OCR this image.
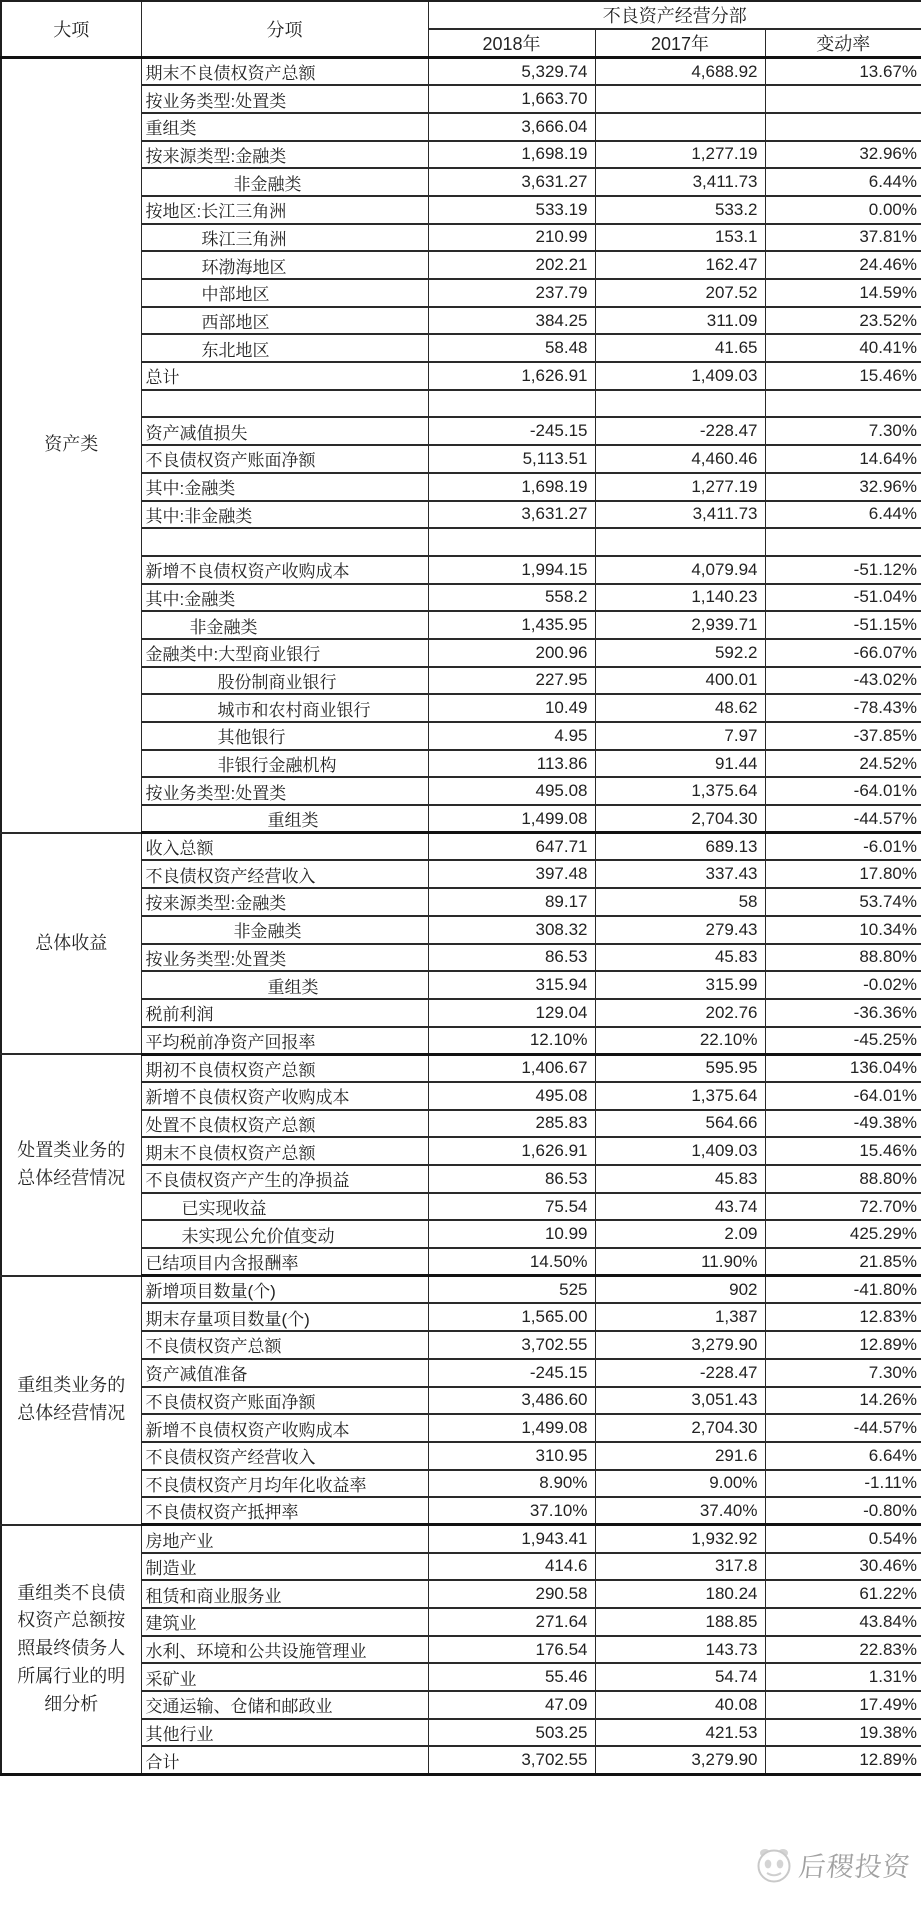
大项	分项	不良资产经营分部		
		2018年	2017年	变动率
资产类	期末不良债权资产总额	5,329.74	4,688.92	13.67%
	按业务类型:处置类	1,663.70		
	重组类	3,666.04		
	按来源类型:金融类	1,698.19	1,277.19	32.96%
	非金融类	3,631.27	3,411.73	6.44%
	按地区:长江三角洲	533.19	533.2	0.00%
	珠江三角洲	210.99	153.1	37.81%
	环渤海地区	202.21	162.47	24.46%
	中部地区	237.79	207.52	14.59%
	西部地区	384.25	311.09	23.52%
	东北地区	58.48	41.65	40.41%
	总计	1,626.91	1,409.03	15.46%

	资产减值损失	-245.15	-228.47	7.30%
	不良债权资产账面净额	5,113.51	4,460.46	14.64%
	其中:金融类	1,698.19	1,277.19	32.96%
	其中:非金融类	3,631.27	3,411.73	6.44%

	新增不良债权资产收购成本	1,994.15	4,079.94	-51.12%
	其中:金融类	558.2	1,140.23	-51.04%
	非金融类	1,435.95	2,939.71	-51.15%
	金融类中:大型商业银行	200.96	592.2	-66.07%
	股份制商业银行	227.95	400.01	-43.02%
	城市和农村商业银行	10.49	48.62	-78.43%
	其他银行	4.95	7.97	-37.85%
	非银行金融机构	113.86	91.44	24.52%
	按业务类型:处置类	495.08	1,375.64	-64.01%
	重组类	1,499.08	2,704.30	-44.57%
总体收益	收入总额	647.71	689.13	-6.01%
	不良债权资产经营收入	397.48	337.43	17.80%
	按来源类型:金融类	89.17	58	53.74%
	非金融类	308.32	279.43	10.34%
	按业务类型:处置类	86.53	45.83	88.80%
	重组类	315.94	315.99	-0.02%
	税前利润	129.04	202.76	-36.36%
	平均税前净资产回报率	12.10%	22.10%	-45.25%
处置类业务的总体经营情况	期初不良债权资产总额	1,406.67	595.95	136.04%
	新增不良债权资产收购成本	495.08	1,375.64	-64.01%
	处置不良债权资产总额	285.83	564.66	-49.38%
	期末不良债权资产总额	1,626.91	1,409.03	15.46%
	不良债权资产产生的净损益	86.53	45.83	88.80%
	已实现收益	75.54	43.74	72.70%
	未实现公允价值变动	10.99	2.09	425.29%
	已结项目内含报酬率	14.50%	11.90%	21.85%
重组类业务的总体经营情况	新增项目数量(个)	525	902	-41.80%
	期末存量项目数量(个)	1,565.00	1,387	12.83%
	不良债权资产总额	3,702.55	3,279.90	12.89%
	资产减值准备	-245.15	-228.47	7.30%
	不良债权资产账面净额	3,486.60	3,051.43	14.26%
	新增不良债权资产收购成本	1,499.08	2,704.30	-44.57%
	不良债权资产经营收入	310.95	291.6	6.64%
	不良债权资产月均年化收益率	8.90%	9.00%	-1.11%
	不良债权资产抵押率	37.10%	37.40%	-0.80%
重组类不良债权资产总额按照最终债务人所属行业的明细分析	房地产业	1,943.41	1,932.92	0.54%
	制造业	414.6	317.8	30.46%
	租赁和商业服务业	290.58	180.24	61.22%
	建筑业	271.64	188.85	43.84%
	水利、环境和公共设施管理业	176.54	143.73	22.83%
	采矿业	55.46	54.74	1.31%
	交通运输、仓储和邮政业	47.09	40.08	17.49%
	其他行业	503.25	421.53	19.38%
	合计	3,702.55	3,279.90	12.89%
后稷投资
